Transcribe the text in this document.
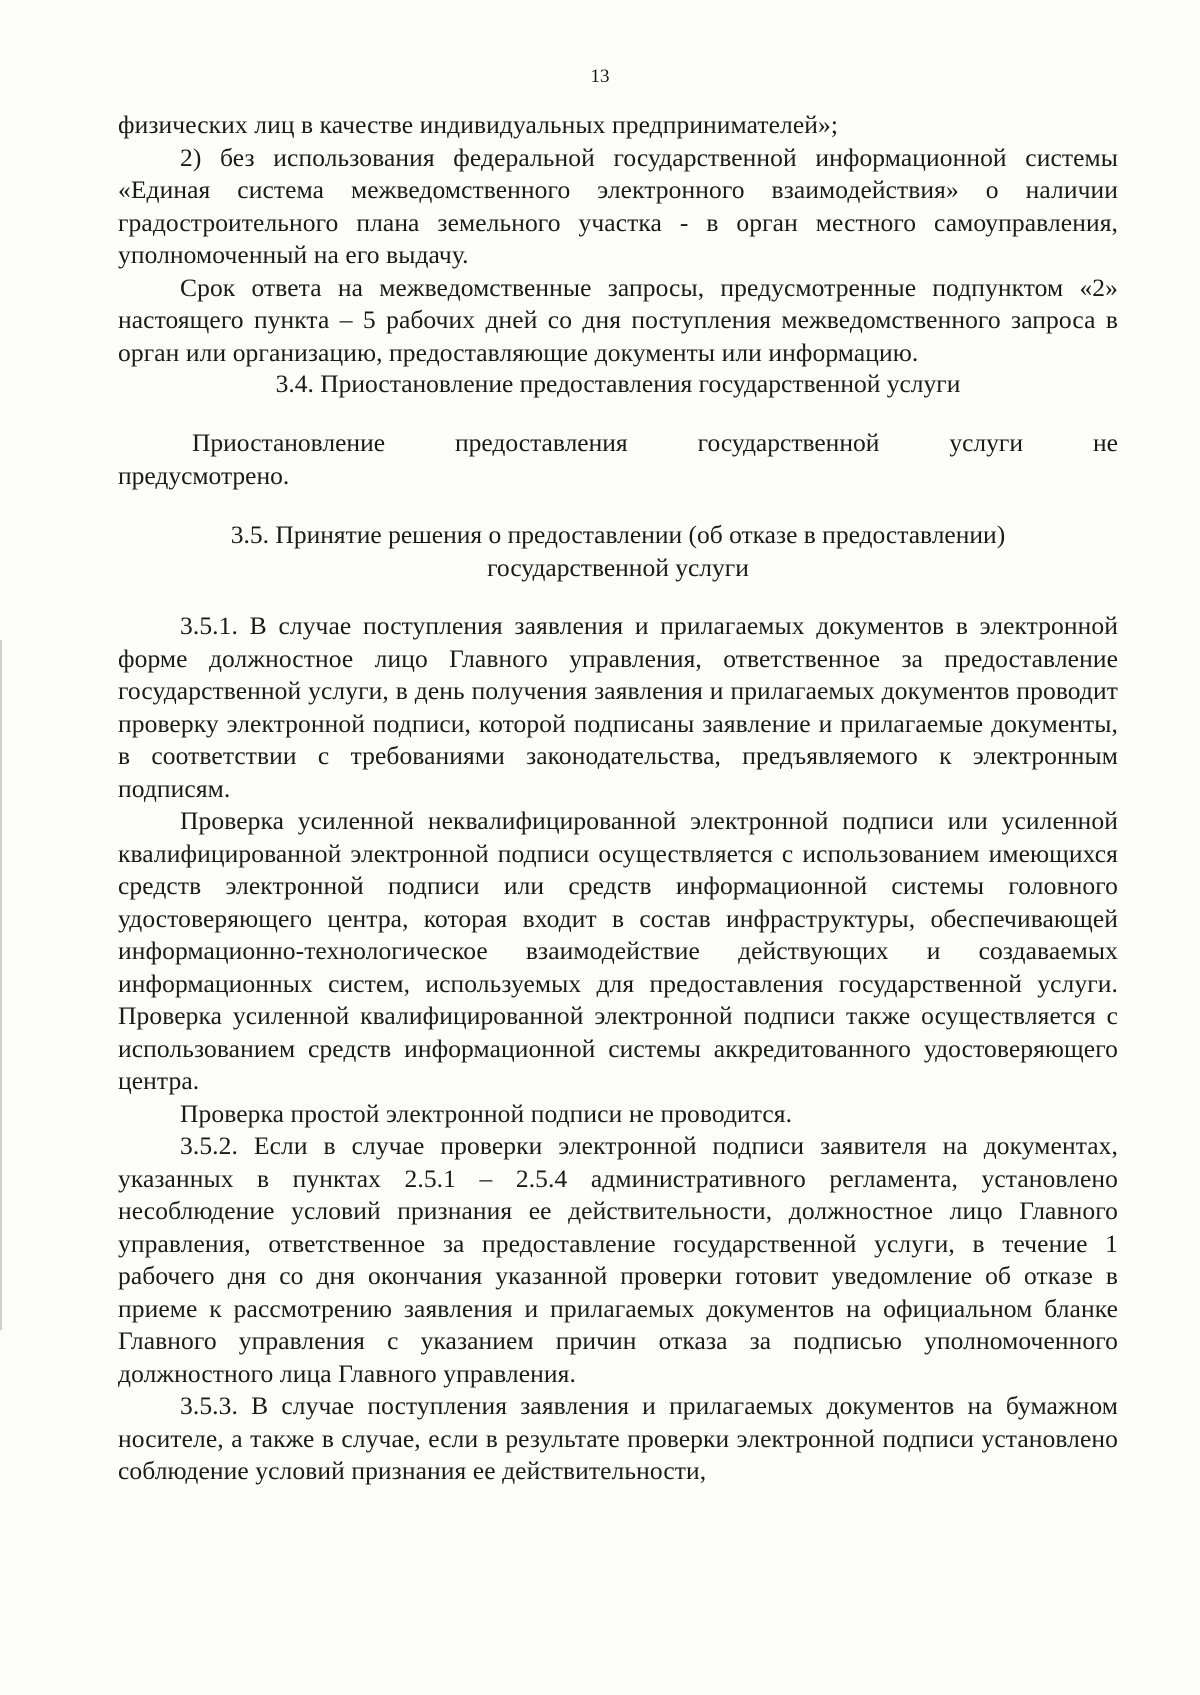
13

физических лиц в качестве индивидуальных предпринимателей»;

2) без использования федеральной государственной информационной системы «Единая система межведомственного электронного взаимодействия» о наличии градостроительного плана земельного участка - в орган местного самоуправления, уполномоченный на его выдачу.

Срок ответа на межведомственные запросы, предусмотренные подпунктом «2» настоящего пункта – 5 рабочих дней со дня поступления межведомственного запроса в орган или организацию, предоставляющие документы или информацию.

3.4. Приостановление предоставления государственной услуги
Приостановление	предоставления	государственной	услуги	не
предусмотрено.
3.5. Принятие решения о предоставлении (об отказе в предоставлении)
государственной услуги

3.5.1. В случае поступления заявления и прилагаемых документов в электронной форме должностное лицо Главного управления, ответственное за предоставление государственной услуги, в день получения заявления и прилагаемых документов проводит проверку электронной подписи, которой подписаны заявление и прилагаемые документы, в соответствии с требованиями законодательства, предъявляемого к электронным подписям.

Проверка усиленной неквалифицированной электронной подписи или усиленной квалифицированной электронной подписи осуществляется с использованием имеющихся средств электронной подписи или средств информационной системы головного удостоверяющего центра, которая входит в состав инфраструктуры, обеспечивающей информационно-технологическое взаимодействие действующих и создаваемых информационных систем, используемых для предоставления государственной услуги. Проверка усиленной квалифицированной электронной подписи также осуществляется с использованием средств информационной системы аккредитованного удостоверяющего центра.

Проверка простой электронной подписи не проводится.

3.5.2. Если в случае проверки электронной подписи заявителя на документах, указанных в пунктах 2.5.1 – 2.5.4 административного регламента, установлено несоблюдение условий признания ее действительности, должностное лицо Главного управления, ответственное за предоставление государственной услуги, в течение 1 рабочего дня со дня окончания указанной проверки готовит уведомление об отказе в приеме к рассмотрению заявления и прилагаемых документов на официальном бланке Главного управления с указанием причин отказа за подписью уполномоченного должностного лица Главного управления.

3.5.3. В случае поступления заявления и прилагаемых документов на бумажном носителе, а также в случае, если в результате проверки электронной подписи установлено соблюдение условий признания ее действительности,
